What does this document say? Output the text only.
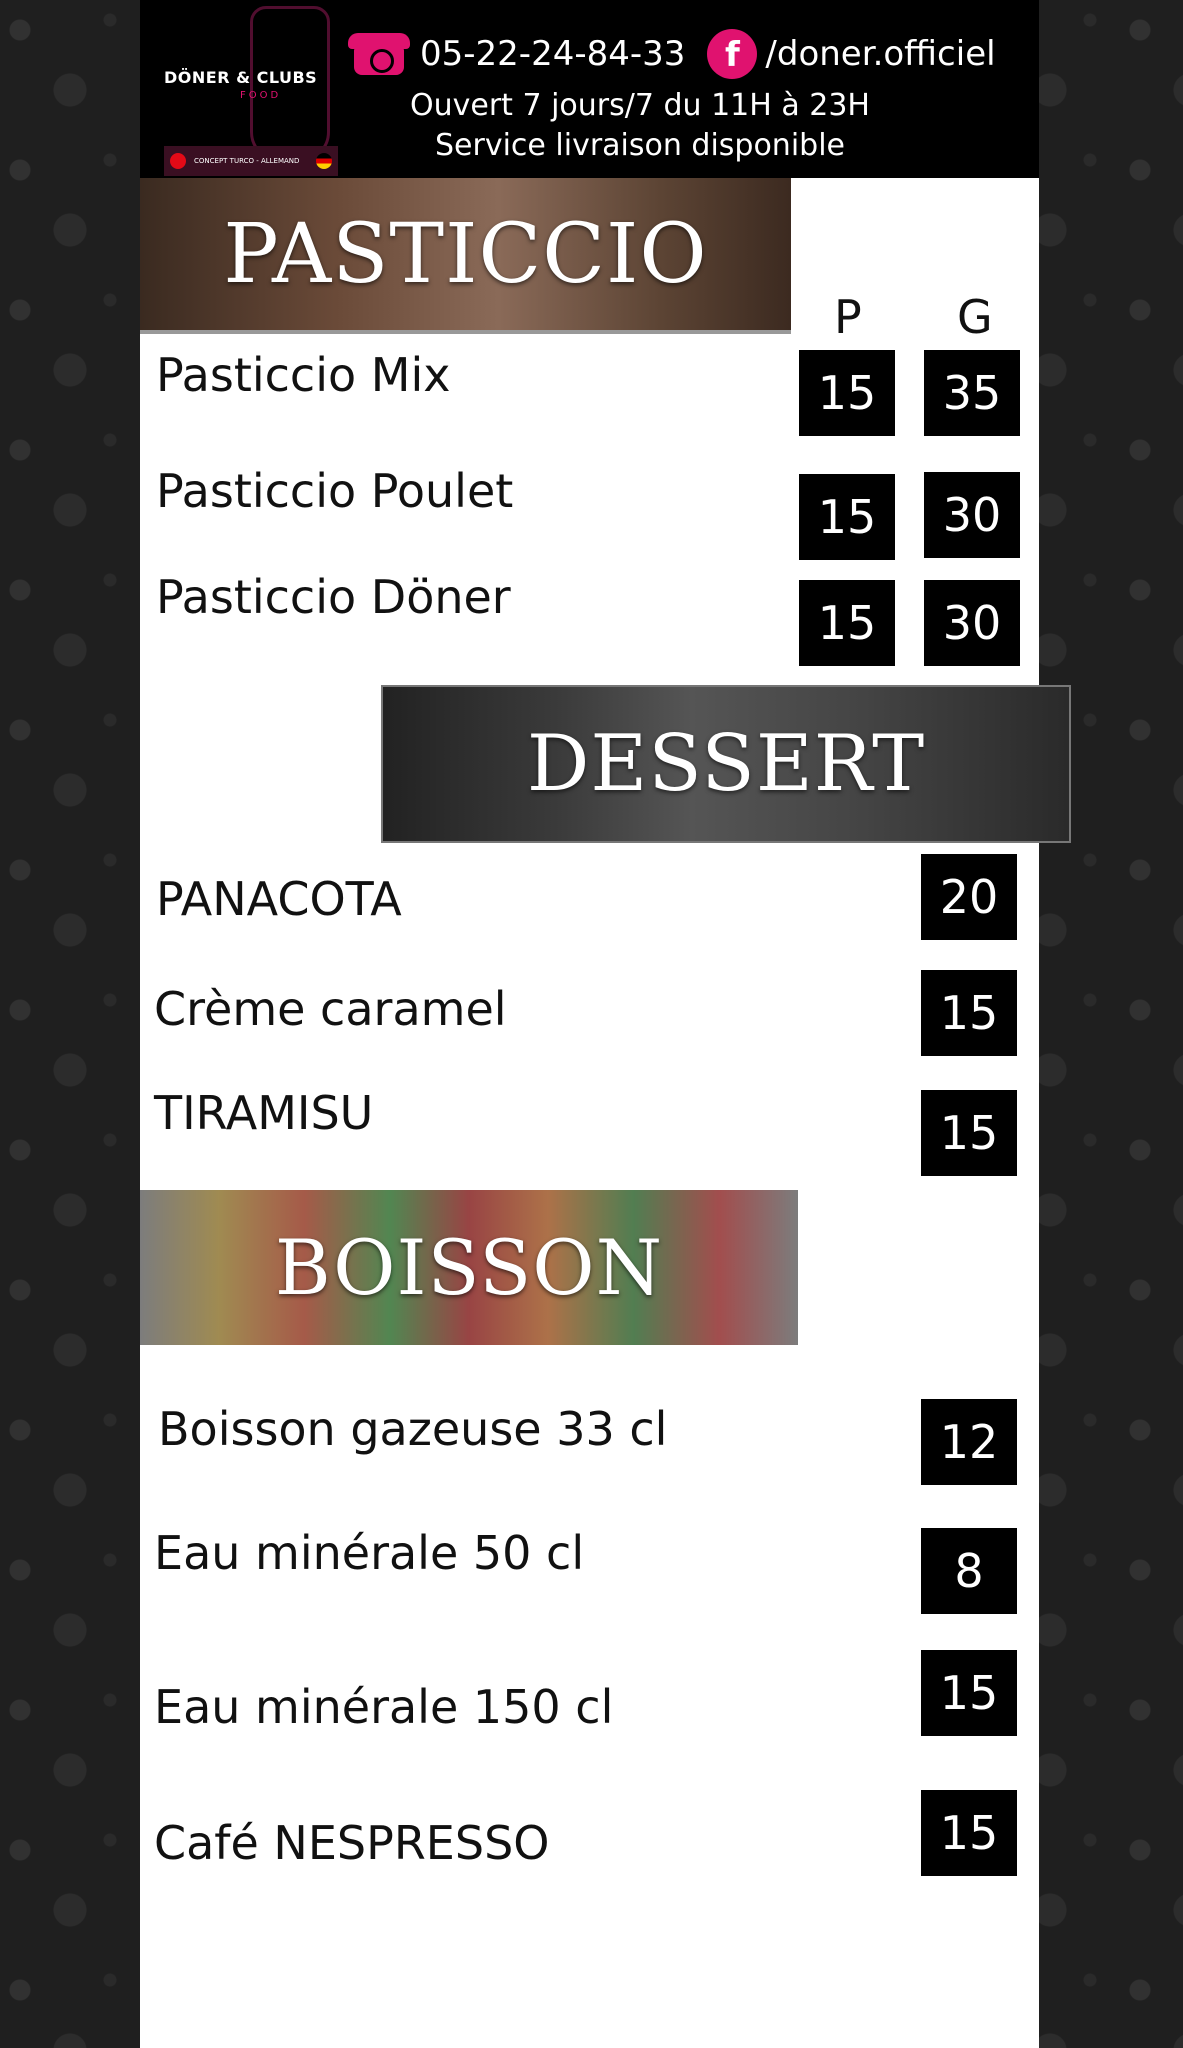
DÖNER & CLUBS
FOOD
CONCEPT TURCO - ALLEMAND
05-22-24-84-33	f /doner.officiel
Ouvert 7 jours/7 du 11H à 23H
Service livraison disponible
PASTICCIO
P G
Pasticcio Mix	15	35
Pasticcio Poulet	15	30
Pasticcio Döner	15	30
DESSERT
PANACOTA	20
Crème caramel	15
TIRAMISU	15
BOISSON
Boisson gazeuse 33 cl	12
Eau minérale 50 cl	8
Eau minérale 150 cl	15
Café NESPRESSO	15
